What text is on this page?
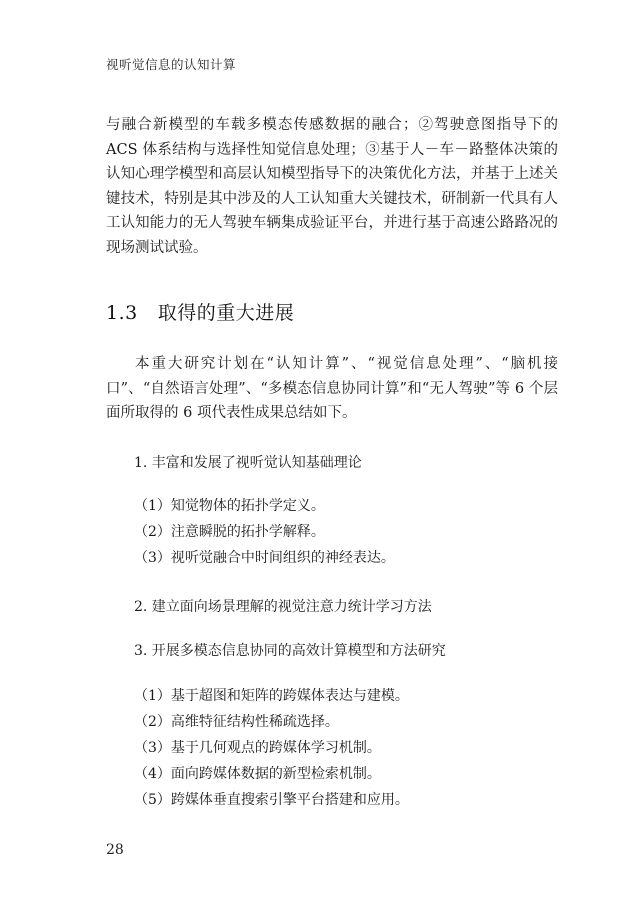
视听觉信息的认知计算
与融合新模型的车载多模态传感数据的融合；②驾驶意图指导下的 ACS 体系结构与选择性知觉信息处理；③基于人－车－路整体决策的认知心理学模型和高层认知模型指导下的决策优化方法，并基于上述关键技术，特别是其中涉及的人工认知重大关键技术，研制新一代具有人工认知能力的无人驾驶车辆集成验证平台，并进行基于高速公路路况的现场测试试验。
1.3 取得的重大进展
本重大研究计划在“认知计算”、“视觉信息处理”、“脑机接口”、“自然语言处理”、“多模态信息协同计算”和“无人驾驶”等 6 个层面所取得的 6 项代表性成果总结如下。
1. 丰富和发展了视听觉认知基础理论
（1）知觉物体的拓扑学定义。
（2）注意瞬脱的拓扑学解释。
（3）视听觉融合中时间组织的神经表达。
2. 建立面向场景理解的视觉注意力统计学习方法
3. 开展多模态信息协同的高效计算模型和方法研究
（1）基于超图和矩阵的跨媒体表达与建模。
（2）高维特征结构性稀疏选择。
（3）基于几何观点的跨媒体学习机制。
（4）面向跨媒体数据的新型检索机制。
（5）跨媒体垂直搜索引擎平台搭建和应用。
28
